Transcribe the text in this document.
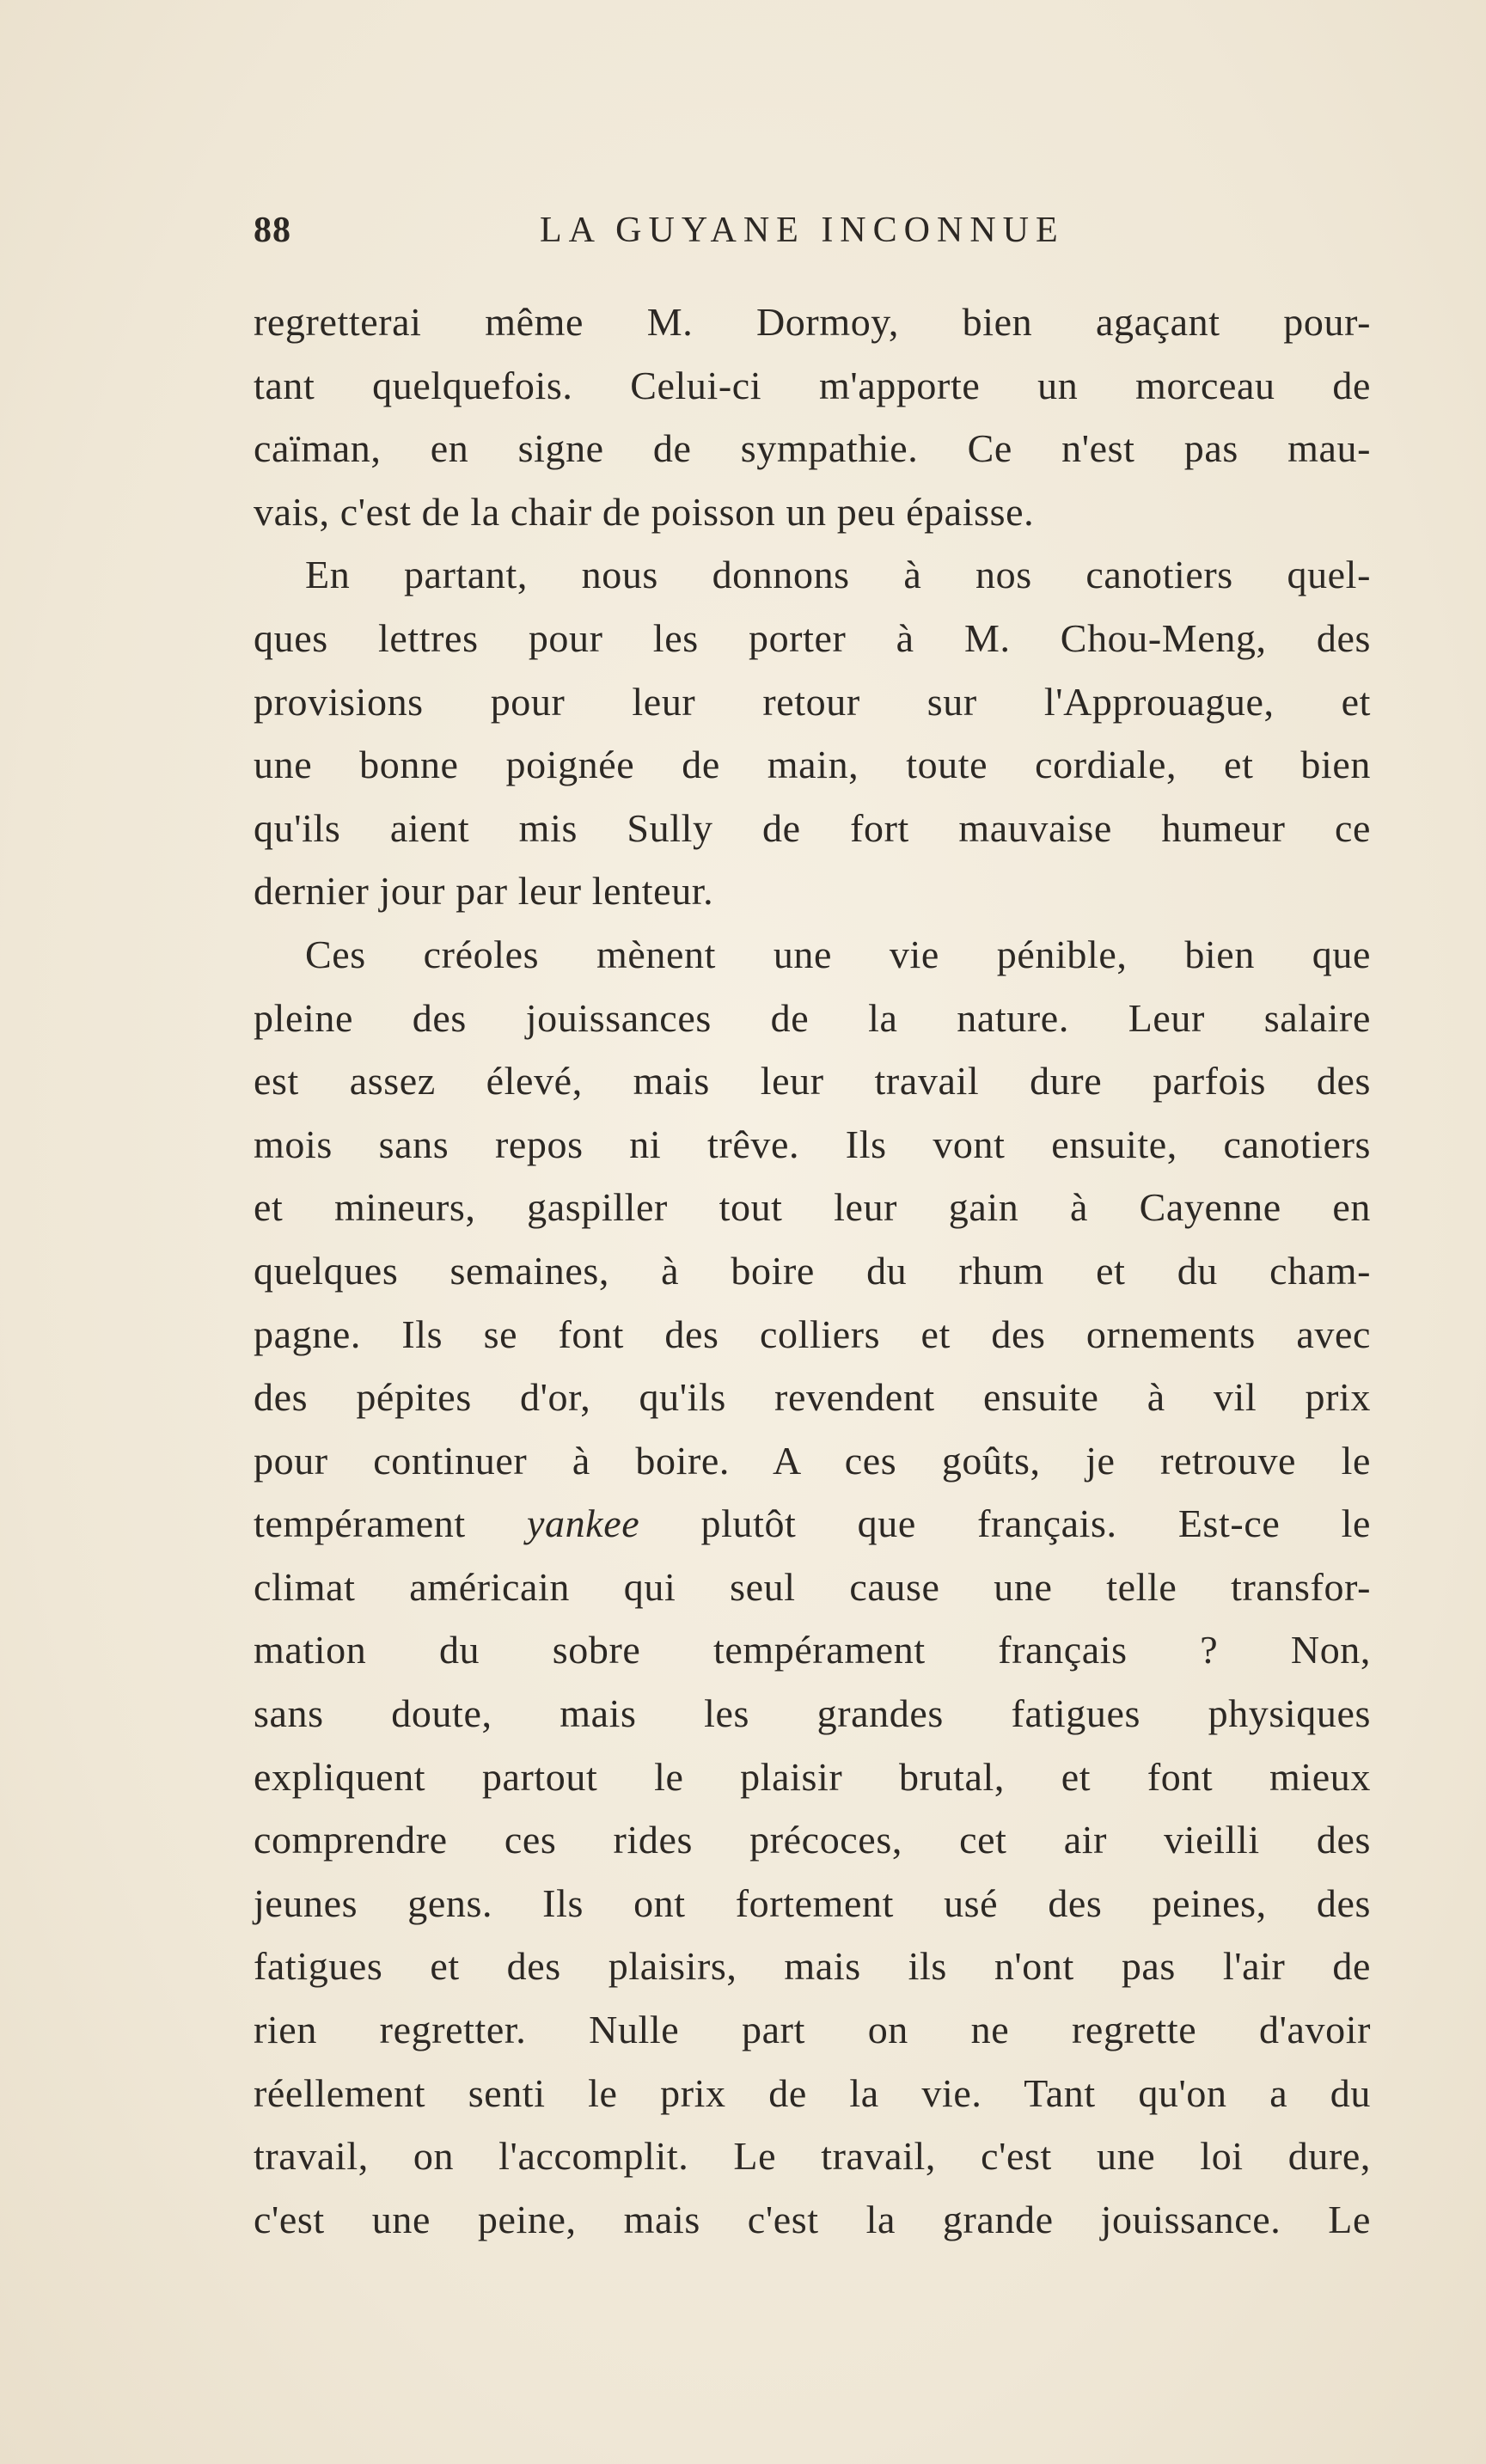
88	LA GUYANE INCONNUE
regretterai même M. Dormoy, bien agaçant pour-
tant quelquefois. Celui-ci m'apporte un morceau de
caïman, en signe de sympathie. Ce n'est pas mau-
vais, c'est de la chair de poisson un peu épaisse.
En partant, nous donnons à nos canotiers quel-
ques lettres pour les porter à M. Chou-Meng, des
provisions pour leur retour sur l'Approuague, et
une bonne poignée de main, toute cordiale, et bien
qu'ils aient mis Sully de fort mauvaise humeur ce
dernier jour par leur lenteur.
Ces créoles mènent une vie pénible, bien que
pleine des jouissances de la nature. Leur salaire
est assez élevé, mais leur travail dure parfois des
mois sans repos ni trêve. Ils vont ensuite, canotiers
et mineurs, gaspiller tout leur gain à Cayenne en
quelques semaines, à boire du rhum et du cham-
pagne. Ils se font des colliers et des ornements avec
des pépites d'or, qu'ils revendent ensuite à vil prix
pour continuer à boire. A ces goûts, je retrouve le
tempérament yankee plutôt que français. Est-ce le
climat américain qui seul cause une telle transfor-
mation du sobre tempérament français ? Non,
sans doute, mais les grandes fatigues physiques
expliquent partout le plaisir brutal, et font mieux
comprendre ces rides précoces, cet air vieilli des
jeunes gens. Ils ont fortement usé des peines, des
fatigues et des plaisirs, mais ils n'ont pas l'air de
rien regretter. Nulle part on ne regrette d'avoir
réellement senti le prix de la vie. Tant qu'on a du
travail, on l'accomplit. Le travail, c'est une loi dure,
c'est une peine, mais c'est la grande jouissance. Le
